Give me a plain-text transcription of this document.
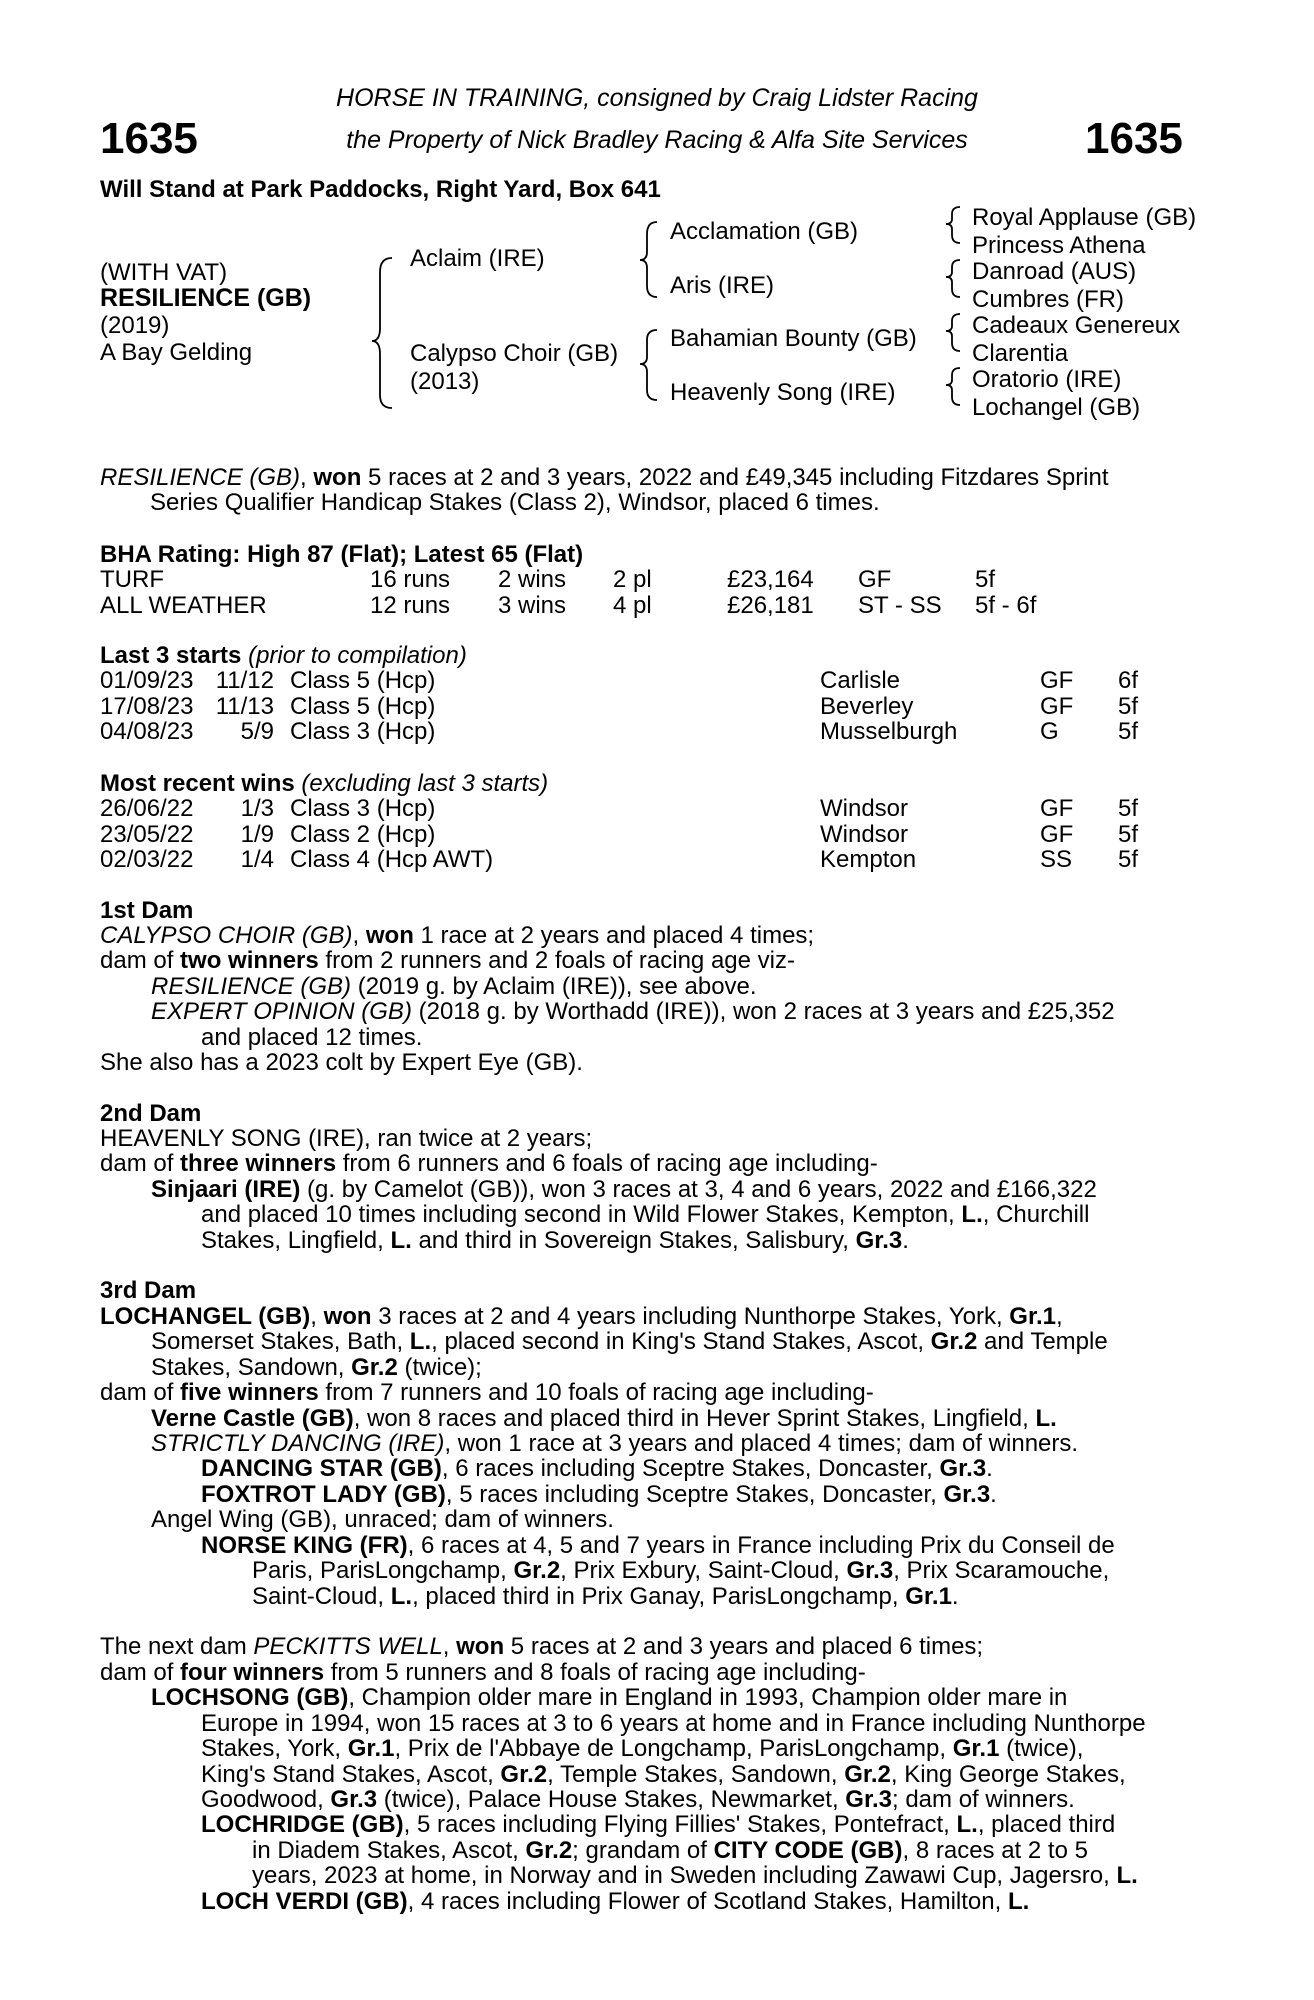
1635	1635
HORSE IN TRAINING, consigned by Craig Lidster Racing
the Property of Nick Bradley Racing & Alfa Site Services
Will Stand at Park Paddocks, Right Yard, Box 641
(WITH VAT)
RESILIENCE (GB)
(2019)
A Bay Gelding
Aclaim (IRE)
Calypso Choir (GB)
(2013)
Acclamation (GB)
Aris (IRE)
Bahamian Bounty (GB)
Heavenly Song (IRE)
Royal Applause (GB)
Princess Athena
Danroad (AUS)
Cumbres (FR)
Cadeaux Genereux
Clarentia
Oratorio (IRE)
Lochangel (GB)
RESILIENCE (GB), won 5 races at 2 and 3 years, 2022 and £49,345 including Fitzdares Sprint
Series Qualifier Handicap Stakes (Class 2), Windsor, placed 6 times.
BHA Rating: High 87 (Flat); Latest 65 (Flat)
TURF	16 runs 2 wins 2 pl	£23,164 GF	5f
ALL WEATHER	12 runs 3 wins 4 pl	£26,181 ST - SS 5f - 6f
Last 3 starts (prior to compilation)
01/09/23 11/12 Class 5 (Hcp)	Carlisle	GF 6f
17/08/23 11/13 Class 5 (Hcp)	Beverley	GF 5f
04/08/23	5/9 Class 3 (Hcp)	Musselburgh	G 5f
Most recent wins (excluding last 3 starts)
26/06/22 1/3 Class 3 (Hcp)	Windsor	GF 5f
23/05/22 1/9 Class 2 (Hcp)	Windsor	GF 5f
02/03/22 1/4 Class 4 (Hcp AWT)	Kempton	SS 5f
1st Dam
CALYPSO CHOIR (GB), won 1 race at 2 years and placed 4 times;
dam of two winners from 2 runners and 2 foals of racing age viz-
RESILIENCE (GB) (2019 g. by Aclaim (IRE)), see above.
EXPERT OPINION (GB) (2018 g. by Worthadd (IRE)), won 2 races at 3 years and £25,352
and placed 12 times.
She also has a 2023 colt by Expert Eye (GB).
2nd Dam
HEAVENLY SONG (IRE), ran twice at 2 years;
dam of three winners from 6 runners and 6 foals of racing age including-
Sinjaari (IRE) (g. by Camelot (GB)), won 3 races at 3, 4 and 6 years, 2022 and £166,322
and placed 10 times including second in Wild Flower Stakes, Kempton, L., Churchill
Stakes, Lingfield, L. and third in Sovereign Stakes, Salisbury, Gr.3.
3rd Dam
LOCHANGEL (GB), won 3 races at 2 and 4 years including Nunthorpe Stakes, York, Gr.1,
Somerset Stakes, Bath, L., placed second in King's Stand Stakes, Ascot, Gr.2 and Temple
Stakes, Sandown, Gr.2 (twice);
dam of five winners from 7 runners and 10 foals of racing age including-
Verne Castle (GB), won 8 races and placed third in Hever Sprint Stakes, Lingfield, L.
STRICTLY DANCING (IRE), won 1 race at 3 years and placed 4 times; dam of winners.
DANCING STAR (GB), 6 races including Sceptre Stakes, Doncaster, Gr.3.
FOXTROT LADY (GB), 5 races including Sceptre Stakes, Doncaster, Gr.3.
Angel Wing (GB), unraced; dam of winners.
NORSE KING (FR), 6 races at 4, 5 and 7 years in France including Prix du Conseil de
Paris, ParisLongchamp, Gr.2, Prix Exbury, Saint-Cloud, Gr.3, Prix Scaramouche,
Saint-Cloud, L., placed third in Prix Ganay, ParisLongchamp, Gr.1.
The next dam PECKITTS WELL, won 5 races at 2 and 3 years and placed 6 times;
dam of four winners from 5 runners and 8 foals of racing age including-
LOCHSONG (GB), Champion older mare in England in 1993, Champion older mare in
Europe in 1994, won 15 races at 3 to 6 years at home and in France including Nunthorpe
Stakes, York, Gr.1, Prix de l'Abbaye de Longchamp, ParisLongchamp, Gr.1 (twice),
King's Stand Stakes, Ascot, Gr.2, Temple Stakes, Sandown, Gr.2, King George Stakes,
Goodwood, Gr.3 (twice), Palace House Stakes, Newmarket, Gr.3; dam of winners.
LOCHRIDGE (GB), 5 races including Flying Fillies' Stakes, Pontefract, L., placed third
in Diadem Stakes, Ascot, Gr.2; grandam of CITY CODE (GB), 8 races at 2 to 5
years, 2023 at home, in Norway and in Sweden including Zawawi Cup, Jagersro, L.
LOCH VERDI (GB), 4 races including Flower of Scotland Stakes, Hamilton, L.
